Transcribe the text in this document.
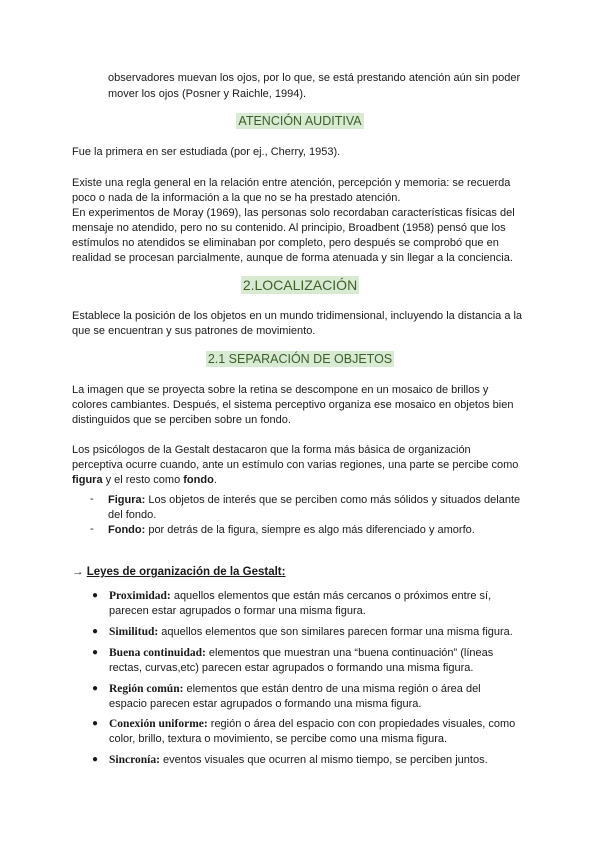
observadores muevan los ojos, por lo que, se está prestando atención aún sin poder

mover los ojos (Posner y Raichle, 1994).

ATENCIÓN AUDITIVA

Fue la primera en ser estudiada (por ej., Cherry, 1953).

Existe una regla general en la relación entre atención, percepción y memoria: se recuerda

poco o nada de la información a la que no se ha prestado atención.

En experimentos de Moray (1969), las personas solo recordaban características físicas del

mensaje no atendido, pero no su contenido. Al principio, Broadbent (1958) pensó que los

estímulos no atendidos se eliminaban por completo, pero después se comprobó que en

realidad se procesan parcialmente, aunque de forma atenuada y sin llegar a la conciencia.

2.LOCALIZACIÓN

Establece la posición de los objetos en un mundo tridimensional, incluyendo la distancia a la

que se encuentran y sus patrones de movimiento.

2.1 SEPARACIÓN DE OBJETOS

La imagen que se proyecta sobre la retina se descompone en un mosaico de brillos y

colores cambiantes. Después, el sistema perceptivo organiza ese mosaico en objetos bien

distinguidos que se perciben sobre un fondo.

Los psicólogos de la Gestalt destacaron que la forma más básica de organización

perceptiva ocurre cuando, ante un estímulo con varias regiones, una parte se percibe como

figura y el resto como fondo.

- Figura: Los objetos de interés que se perciben como más sólidos y situados delante

del fondo.

- Fondo: por detrás de la figura, siempre es algo más diferenciado y amorfo.

→ Leyes de organización de la Gestalt:
● Proximidad: aquellos elementos que están más cercanos o próximos entre sí,

parecen estar agrupados o formar una misma figura.

● Similitud: aquellos elementos que son similares parecen formar una misma figura.

● Buena continuidad: elementos que muestran una “buena continuación” (líneas

rectas, curvas,etc) parecen estar agrupados o formando una misma figura.

● Región común: elementos que están dentro de una misma región o área del

espacio parecen estar agrupados o formando una misma figura.

● Conexión uniforme: región o área del espacio con con propiedades visuales, como

color, brillo, textura o movimiento, se percibe como una misma figura.

● Sincronía: eventos visuales que ocurren al mismo tiempo, se perciben juntos.
